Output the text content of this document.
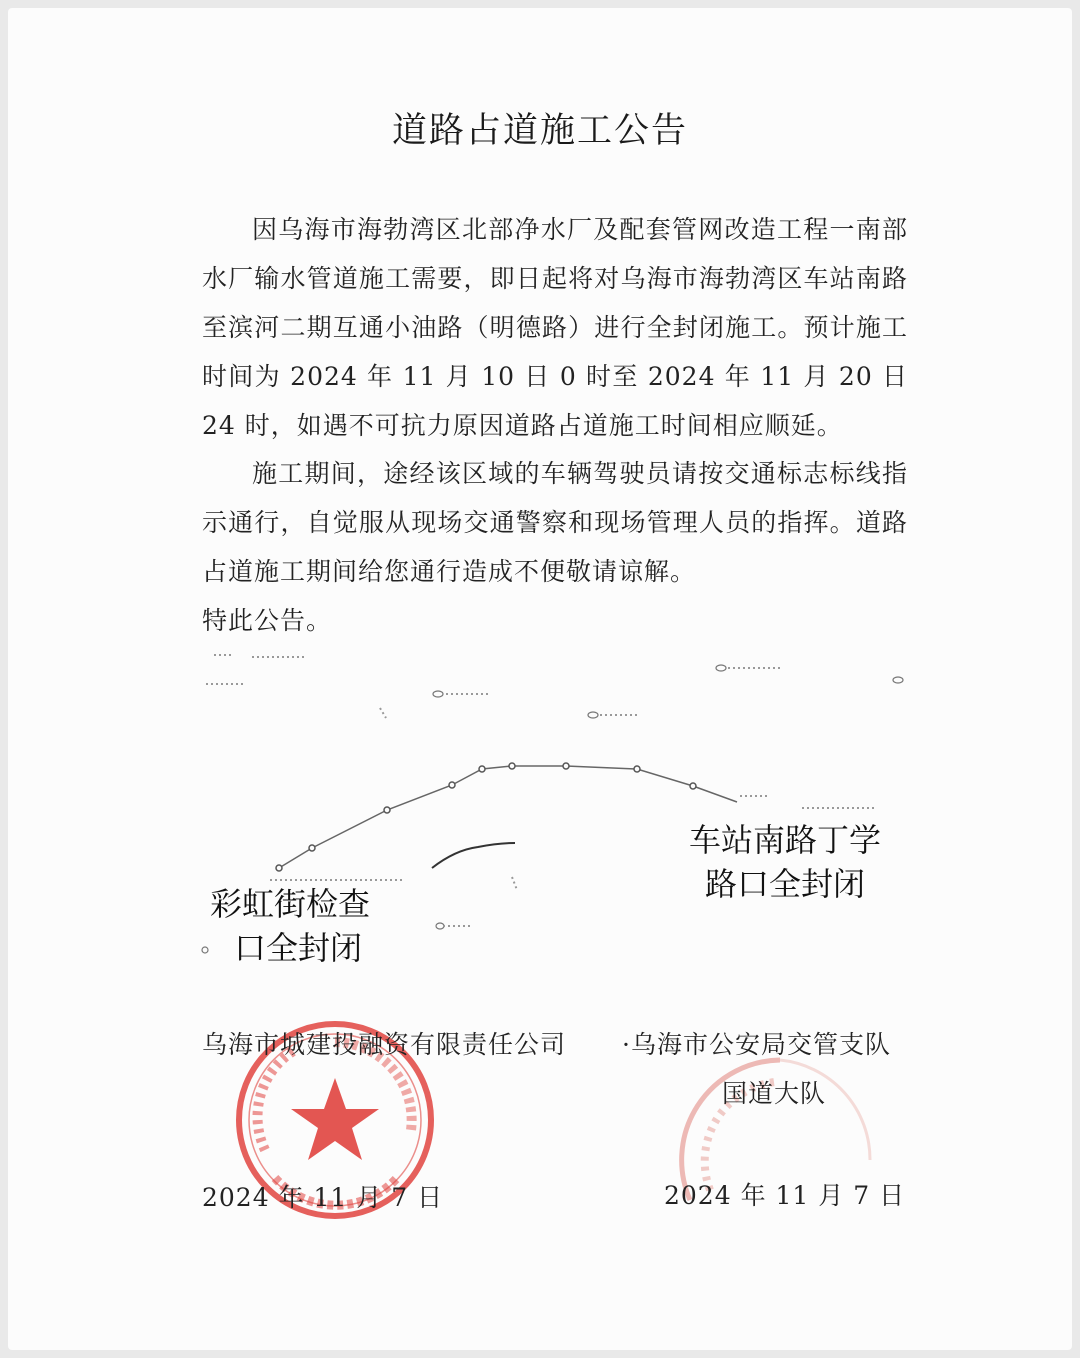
道路占道施工公告
因乌海市海勃湾区北部净水厂及配套管网改造工程一南部水厂输水管道施工需要，即日起将对乌海市海勃湾区车站南路至滨河二期互通小油路（明德路）进行全封闭施工。预计施工时间为 2024 年 11 月 10 日 0 时至 2024 年 11 月 20 日 24 时，如遇不可抗力原因道路占道施工时间相应顺延。
施工期间，途经该区域的车辆驾驶员请按交通标志标线指示通行，自觉服从现场交通警察和现场管理人员的指挥。道路占道施工期间给您通行造成不便敬请谅解。
特此公告。
车站南路丁学
路口全封闭
彩虹街检查
口全封闭
乌海市城建投融资有限责任公司 ·乌海市公安局交管支队
国道大队
2024 年 11 月 7 日	2024 年 11 月 7 日
